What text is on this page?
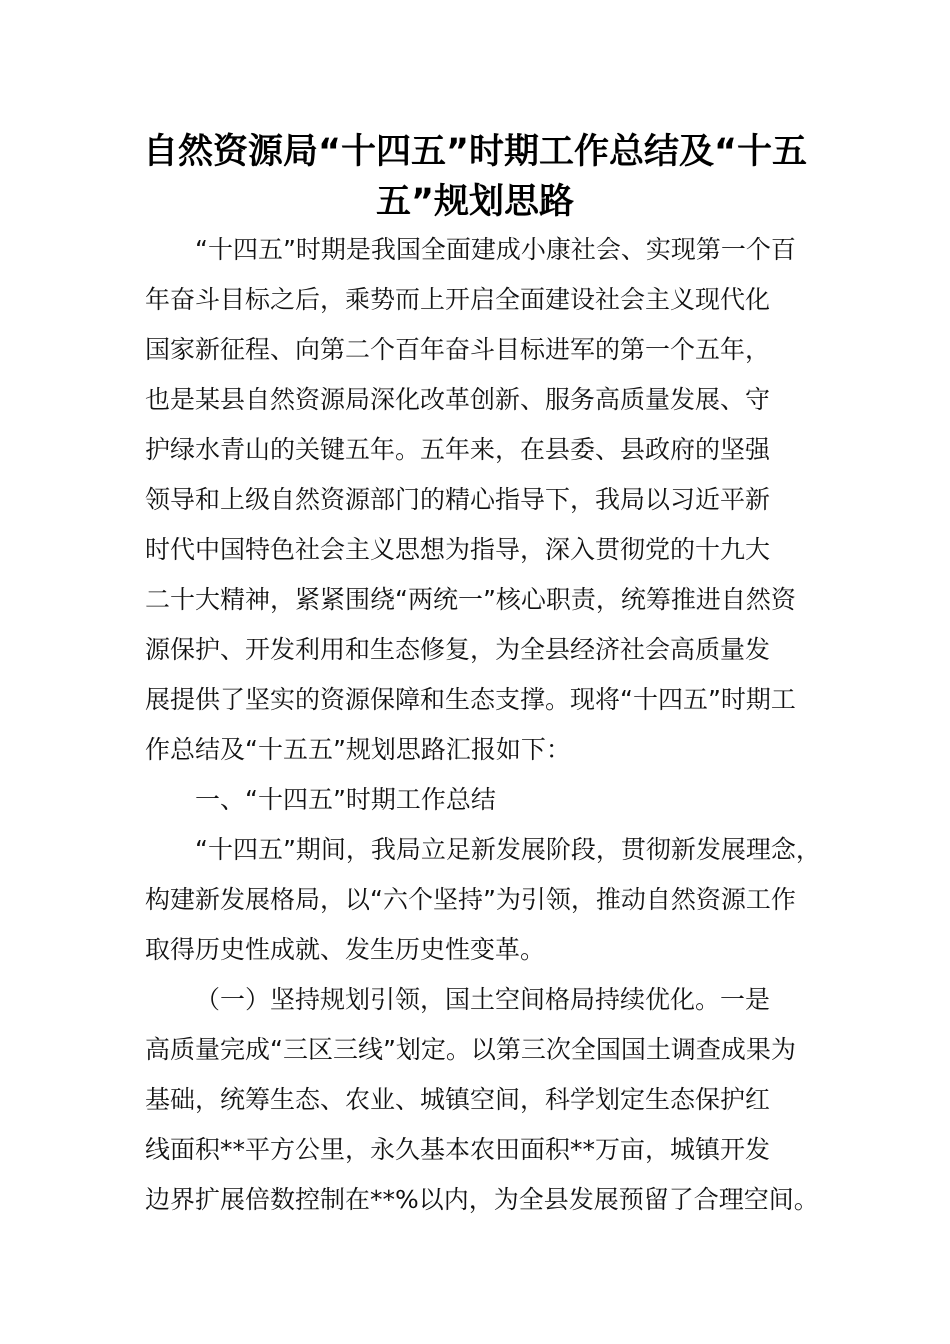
自然资源局“十四五”时期工作总结及“十五
五”规划思路
“十四五”时期是我国全面建成小康社会、实现第一个百
年奋斗目标之后，乘势而上开启全面建设社会主义现代化
国家新征程、向第二个百年奋斗目标进军的第一个五年，
也是某县自然资源局深化改革创新、服务高质量发展、守
护绿水青山的关键五年。五年来，在县委、县政府的坚强
领导和上级自然资源部门的精心指导下，我局以习近平新
时代中国特色社会主义思想为指导，深入贯彻党的十九大
二十大精神，紧紧围绕“两统一”核心职责，统筹推进自然资
源保护、开发利用和生态修复，为全县经济社会高质量发
展提供了坚实的资源保障和生态支撑。现将“十四五”时期工
作总结及“十五五”规划思路汇报如下：
一、“十四五”时期工作总结
“十四五”期间，我局立足新发展阶段，贯彻新发展理念，
构建新发展格局，以“六个坚持”为引领，推动自然资源工作
取得历史性成就、发生历史性变革。
（一）坚持规划引领，国土空间格局持续优化。一是
高质量完成“三区三线”划定。以第三次全国国土调查成果为
基础，统筹生态、农业、城镇空间，科学划定生态保护红
线面积**平方公里，永久基本农田面积**万亩，城镇开发
边界扩展倍数控制在**%以内，为全县发展预留了合理空间。
